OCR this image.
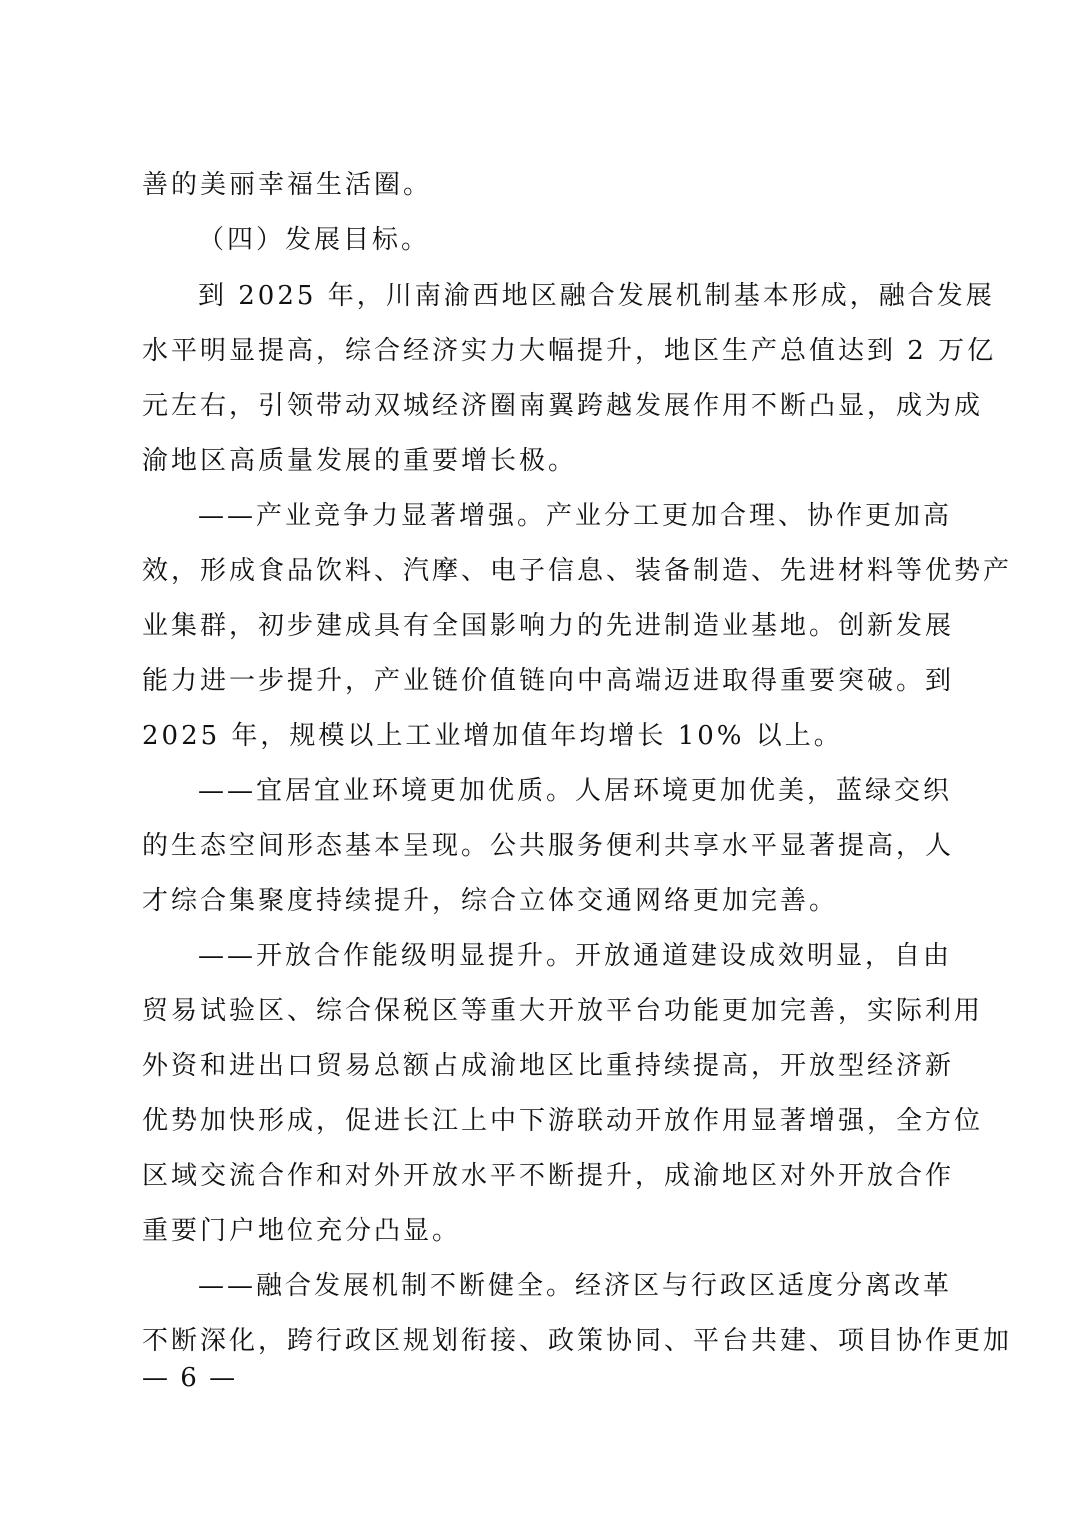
善的美丽幸福生活圈。
（四）发展目标。
到 2025 年，川南渝西地区融合发展机制基本形成，融合发展
水平明显提高，综合经济实力大幅提升，地区生产总值达到 2 万亿
元左右，引领带动双城经济圈南翼跨越发展作用不断凸显，成为成
渝地区高质量发展的重要增长极。
——产业竞争力显著增强。产业分工更加合理、协作更加高
效，形成食品饮料、汽摩、电子信息、装备制造、先进材料等优势产
业集群，初步建成具有全国影响力的先进制造业基地。创新发展
能力进一步提升，产业链价值链向中高端迈进取得重要突破。到
2025 年，规模以上工业增加值年均增长 10% 以上。
——宜居宜业环境更加优质。人居环境更加优美，蓝绿交织
的生态空间形态基本呈现。公共服务便利共享水平显著提高，人
才综合集聚度持续提升，综合立体交通网络更加完善。
——开放合作能级明显提升。开放通道建设成效明显，自由
贸易试验区、综合保税区等重大开放平台功能更加完善，实际利用
外资和进出口贸易总额占成渝地区比重持续提高，开放型经济新
优势加快形成，促进长江上中下游联动开放作用显著增强，全方位
区域交流合作和对外开放水平不断提升，成渝地区对外开放合作
重要门户地位充分凸显。
——融合发展机制不断健全。经济区与行政区适度分离改革
不断深化，跨行政区规划衔接、政策协同、平台共建、项目协作更加
— 6 —
